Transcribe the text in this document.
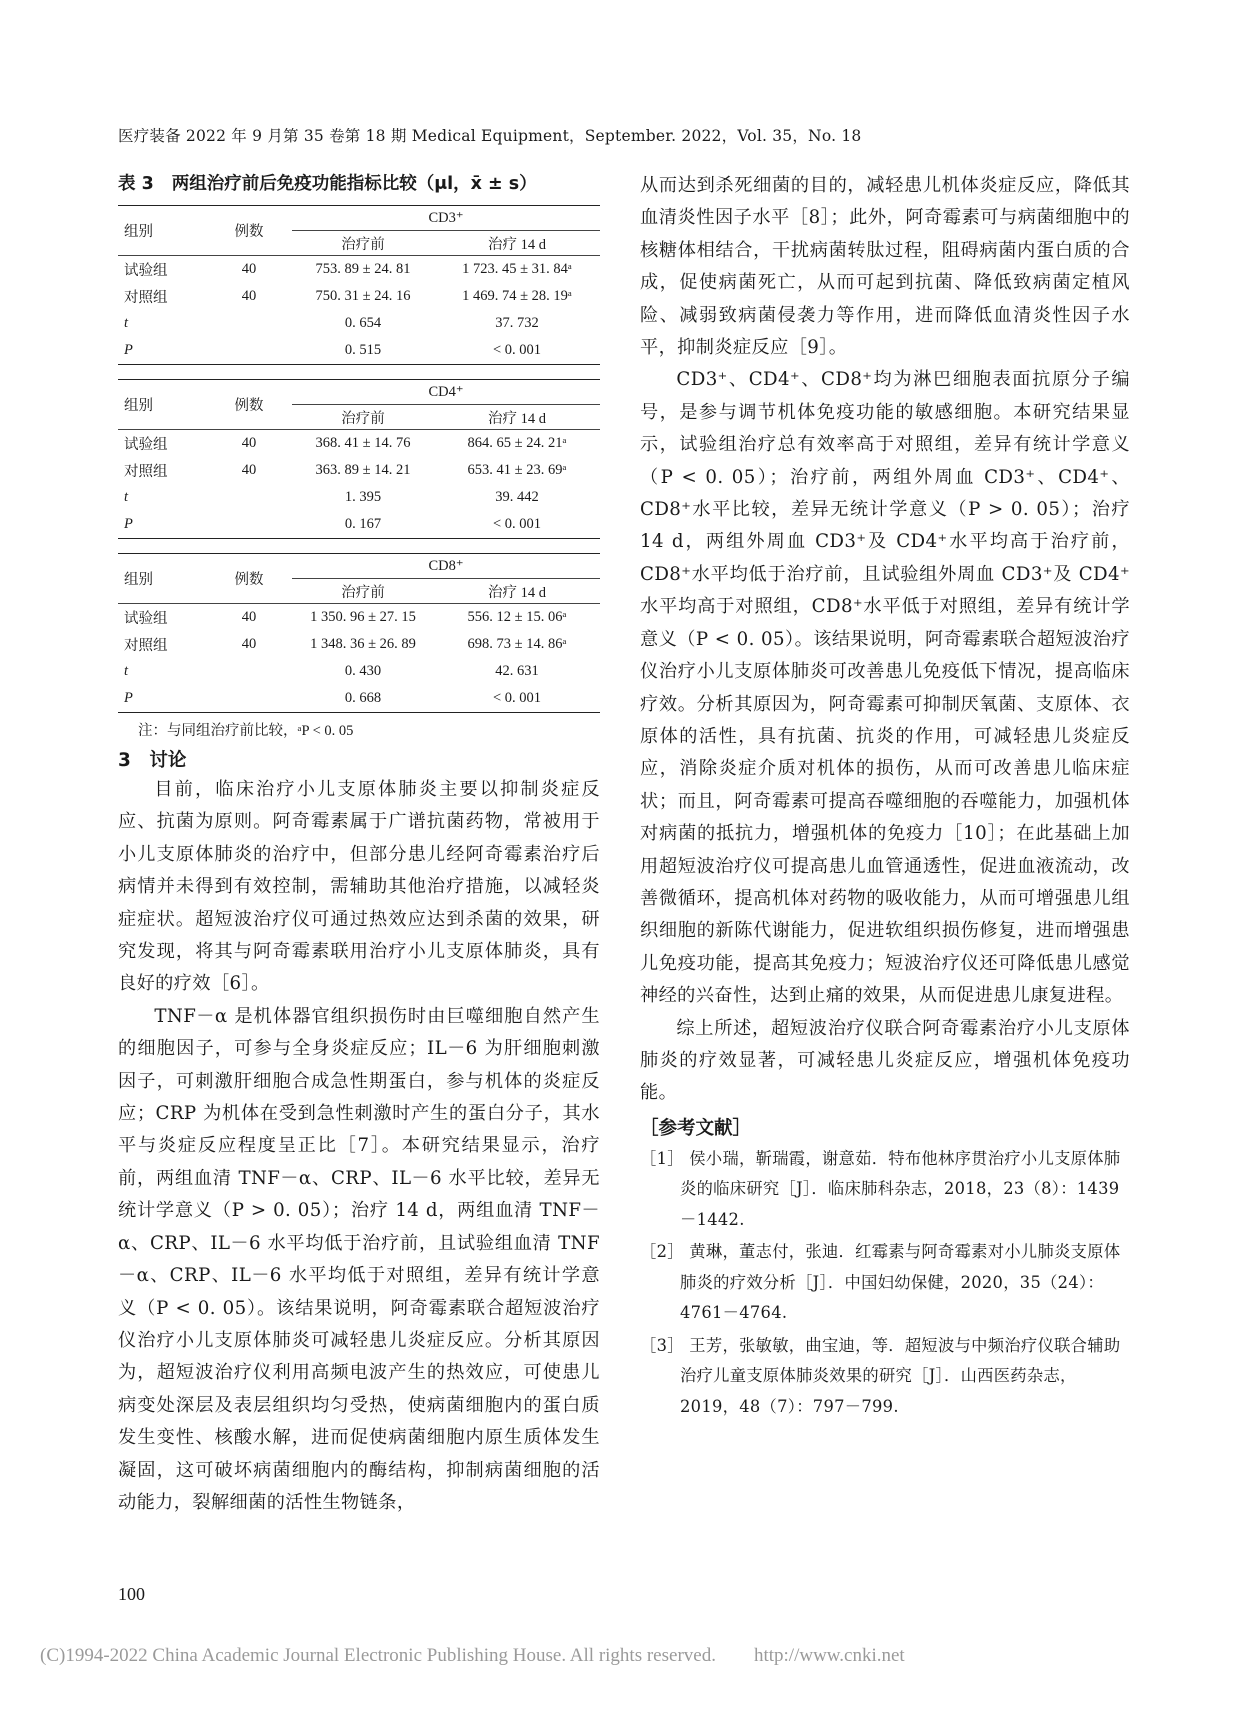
医疗装备 2022 年 9 月第 35 卷第 18 期 Medical Equipment，September. 2022，Vol. 35，No. 18
表 3 两组治疗前后免疫功能指标比较（μl，x̄ ± s）
组别	例数	CD3⁺	
		治疗前	治疗 14 d
试验组	40	753. 89 ± 24. 81	1 723. 45 ± 31. 84ᵃ
对照组	40	750. 31 ± 24. 16	1 469. 74 ± 28. 19ᵃ
t		0. 654	37. 732
P		0. 515	< 0. 001

组别	例数	CD4⁺	
		治疗前	治疗 14 d
试验组	40	368. 41 ± 14. 76	864. 65 ± 24. 21ᵃ
对照组	40	363. 89 ± 14. 21	653. 41 ± 23. 69ᵃ
t		1. 395	39. 442
P		0. 167	< 0. 001

组别	例数	CD8⁺	
		治疗前	治疗 14 d
试验组	40	1 350. 96 ± 27. 15	556. 12 ± 15. 06ᵃ
对照组	40	1 348. 36 ± 26. 89	698. 73 ± 14. 86ᵃ
t		0. 430	42. 631
P		0. 668	< 0. 001
注：与同组治疗前比较，ᵃP < 0. 05
3　讨论

目前，临床治疗小儿支原体肺炎主要以抑制炎症反应、抗菌为原则。阿奇霉素属于广谱抗菌药物，常被用于小儿支原体肺炎的治疗中，但部分患儿经阿奇霉素治疗后病情并未得到有效控制，需辅助其他治疗措施，以减轻炎症症状。超短波治疗仪可通过热效应达到杀菌的效果，研究发现，将其与阿奇霉素联用治疗小儿支原体肺炎，具有良好的疗效［6］。

TNF－α 是机体器官组织损伤时由巨噬细胞自然产生的细胞因子，可参与全身炎症反应；IL－6 为肝细胞刺激因子，可刺激肝细胞合成急性期蛋白，参与机体的炎症反应；CRP 为机体在受到急性刺激时产生的蛋白分子，其水平与炎症反应程度呈正比［7］。本研究结果显示，治疗前，两组血清 TNF－α、CRP、IL－6 水平比较，差异无统计学意义（P > 0. 05）；治疗 14 d，两组血清 TNF－α、CRP、IL－6 水平均低于治疗前，且试验组血清 TNF－α、CRP、IL－6 水平均低于对照组，差异有统计学意义（P < 0. 05）。该结果说明，阿奇霉素联合超短波治疗仪治疗小儿支原体肺炎可减轻患儿炎症反应。分析其原因为，超短波治疗仪利用高频电波产生的热效应，可使患儿病变处深层及表层组织均匀受热，使病菌细胞内的蛋白质发生变性、核酸水解，进而促使病菌细胞内原生质体发生凝固，这可破坏病菌细胞内的酶结构，抑制病菌细胞的活动能力，裂解细菌的活性生物链条，

从而达到杀死细菌的目的，减轻患儿机体炎症反应，降低其血清炎性因子水平［8］；此外，阿奇霉素可与病菌细胞中的核糖体相结合，干扰病菌转肽过程，阻碍病菌内蛋白质的合成，促使病菌死亡，从而可起到抗菌、降低致病菌定植风险、减弱致病菌侵袭力等作用，进而降低血清炎性因子水平，抑制炎症反应［9］。

CD3⁺、CD4⁺、CD8⁺均为淋巴细胞表面抗原分子编号，是参与调节机体免疫功能的敏感细胞。本研究结果显示，试验组治疗总有效率高于对照组，差异有统计学意义（P < 0. 05）；治疗前，两组外周血 CD3⁺、CD4⁺、CD8⁺水平比较，差异无统计学意义（P > 0. 05）；治疗 14 d，两组外周血 CD3⁺及 CD4⁺水平均高于治疗前，CD8⁺水平均低于治疗前，且试验组外周血 CD3⁺及 CD4⁺水平均高于对照组，CD8⁺水平低于对照组，差异有统计学意义（P < 0. 05）。该结果说明，阿奇霉素联合超短波治疗仪治疗小儿支原体肺炎可改善患儿免疫低下情况，提高临床疗效。分析其原因为，阿奇霉素可抑制厌氧菌、支原体、衣原体的活性，具有抗菌、抗炎的作用，可减轻患儿炎症反应，消除炎症介质对机体的损伤，从而可改善患儿临床症状；而且，阿奇霉素可提高吞噬细胞的吞噬能力，加强机体对病菌的抵抗力，增强机体的免疫力［10］；在此基础上加用超短波治疗仪可提高患儿血管通透性，促进血液流动，改善微循环，提高机体对药物的吸收能力，从而可增强患儿组织细胞的新陈代谢能力，促进软组织损伤修复，进而增强患儿免疫功能，提高其免疫力；短波治疗仪还可降低患儿感觉神经的兴奋性，达到止痛的效果，从而促进患儿康复进程。

综上所述，超短波治疗仪联合阿奇霉素治疗小儿支原体肺炎的疗效显著，可减轻患儿炎症反应，增强机体免疫功能。

［参考文献］

［1］ 侯小瑞，靳瑞霞，谢意茹．特布他林序贯治疗小儿支原体肺炎的临床研究［J］．临床肺科杂志，2018，23（8）：1439－1442.

［2］ 黄琳，董志付，张迪．红霉素与阿奇霉素对小儿肺炎支原体肺炎的疗效分析［J］．中国妇幼保健，2020，35（24）：4761－4764.

［3］ 王芳，张敏敏，曲宝迪，等．超短波与中频治疗仪联合辅助治疗儿童支原体肺炎效果的研究［J］．山西医药杂志，2019，48（7）：797－799.

100
(C)1994-2022 China Academic Journal Electronic Publishing House. All rights reserved.　　http://www.cnki.net
